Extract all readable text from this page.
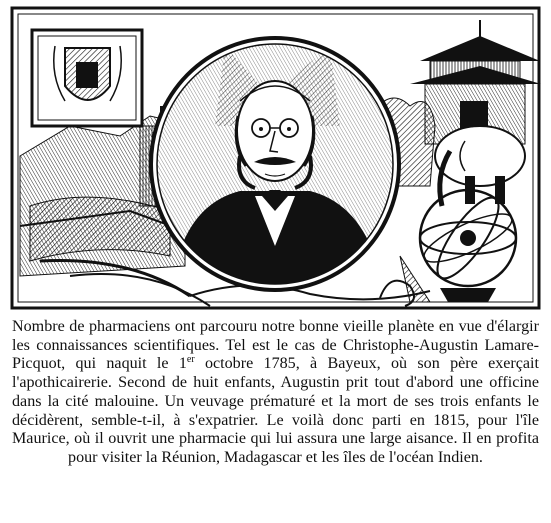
Nombre de pharmaciens ont parcouru notre bonne vieille planète en vue d'élargir les connaissances scientifiques. Tel est le cas de Christophe-Augustin Lamare-Picquot, qui naquit le 1er octobre 1785, à Bayeux, où son père exerçait l'apothicairerie. Second de huit enfants, Augustin prit tout d'abord une officine dans la cité malouine. Un veuvage prématuré et la mort de ses trois enfants le décidèrent, semble-t-il, à s'expatrier. Le voilà donc parti en 1815, pour l'île Maurice, où il ouvrit une pharmacie qui lui assura une large aisance. Il en profita pour visiter la Réunion, Madagascar et les îles de l'océan Indien.
